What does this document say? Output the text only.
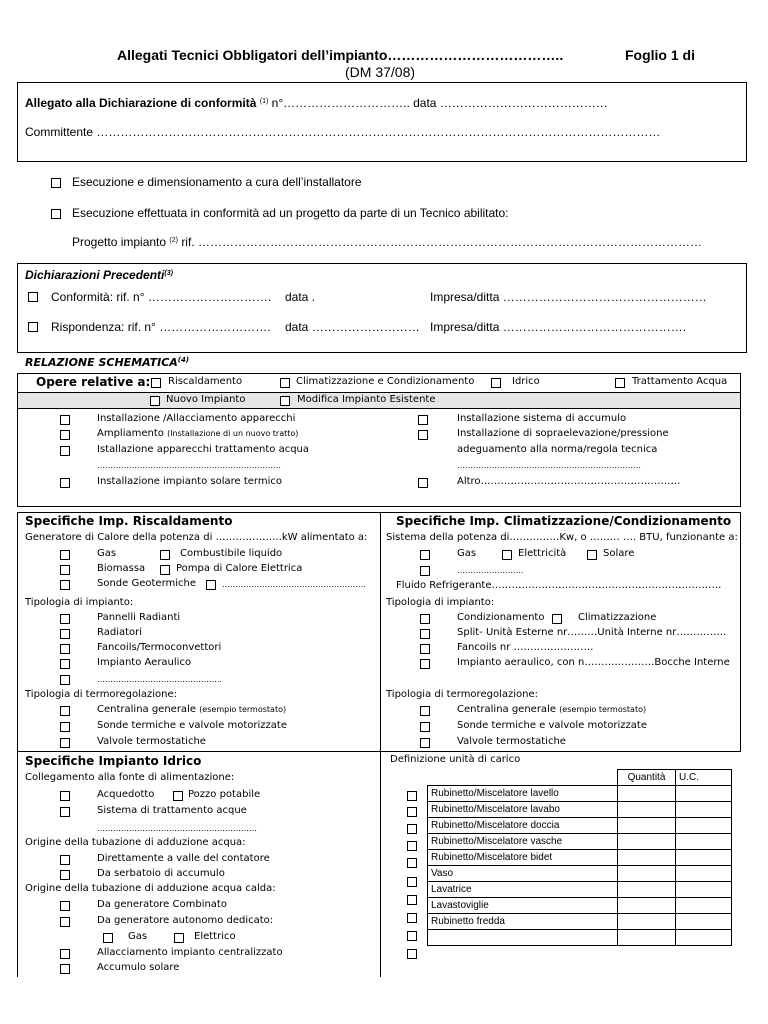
Allegati Tecnici Obbligatori dell’impianto………………………………..	Foglio 1 di
(DM 37/08)
Allegato alla Dichiarazione di conformità $^{(1)}$ n°………………………….. data ……………………………………
Committente ……………………………………………………………………………………………………………………………
Esecuzione e dimensionamento a cura dell’installatore
Esecuzione effettuata in conformità ad un progetto da parte di un Tecnico abilitato:
Progetto impianto $^{(2)}$ rif. ………………………………………………………………………………………………………………
Dichiarazioni Precedenti$^{(3)}$
Conformità: rif. n° …………………………. data .	Impresa/ditta ……………………………………………
Rispondenza: rif. n° ………………………. data ……………………… Impresa/ditta ……………………………………….
RELAZIONE SCHEMATICA$^{(4)}$
Opere relative a: Riscaldamento	Climatizzazione e Condizionamento	Idrico	Trattamento Acqua
Nuovo Impianto	Modifica Impianto Esistente
Installazione /Allacciamento apparecchi
Ampliamento (Installazione di un nuovo tratto)
Istallazione apparecchi trattamento acqua
……………………………………………………………
Installazione impianto solare termico
Installazione sistema di accumulo
Installazione di sopraelevazione/pressione
adeguamento alla norma/regola tecnica
……………………………………………………………
Altro……………………………………………………
Specifiche Imp. Riscaldamento
Generatore di Calore della potenza di ………………..kW alimentato a:
Gas	Combustibile liquido
Biomassa	Pompa di Calore Elettrica
Sonde Geotermiche	………………………………………………
Tipologia di impianto:
Pannelli Radianti
Radiatori
Fancoils/Termoconvettori
Impianto Aeraulico
………………………………………..
Tipologia di termoregolazione:
Centralina generale (esempio termostato)
Sonde termiche e valvole motorizzate
Valvole termostatiche
Specifiche Imp. Climatizzazione/Condizionamento
Sistema della potenza di……………Kw, o ……… …. BTU, funzionante a:
Gas	Elettricità	Solare
…………………….
Fluido Refrigerante……………………………………………………………
Tipologia di impianto:
Condizionamento	Climatizzazione
Split- Unità Esterne nr………Unità Interne nr……………
Fancoils nr ……………………
Impianto aeraulico, con n…………………Bocche Interne
Tipologia di termoregolazione:
Centralina generale (esempio termostato)
Sonde termiche e valvole motorizzate
Valvole termostatiche
Specifiche Impianto Idrico
Collegamento alla fonte di alimentazione:
Acquedotto	Pozzo potabile
Sistema di trattamento acque
……………………………………………………
Origine della tubazione di adduzione acqua:
Direttamente a valle del contatore
Da serbatoio di accumulo
Origine della tubazione di adduzione acqua calda:
Da generatore Combinato
Da generatore autonomo dedicato:
Gas	Elettrico
Allacciamento impianto centralizzato
Accumulo solare
Definizione unità di carico
	Quantità	U.C.
Rubinetto/Miscelatore lavello		
Rubinetto/Miscelatore lavabo		
Rubinetto/Miscelatore doccia		
Rubinetto/Miscelatore vasche		
Rubinetto/Miscelatore bidet		
Vaso		
Lavatrice		
Lavastoviglie		
Rubinetto fredda		
